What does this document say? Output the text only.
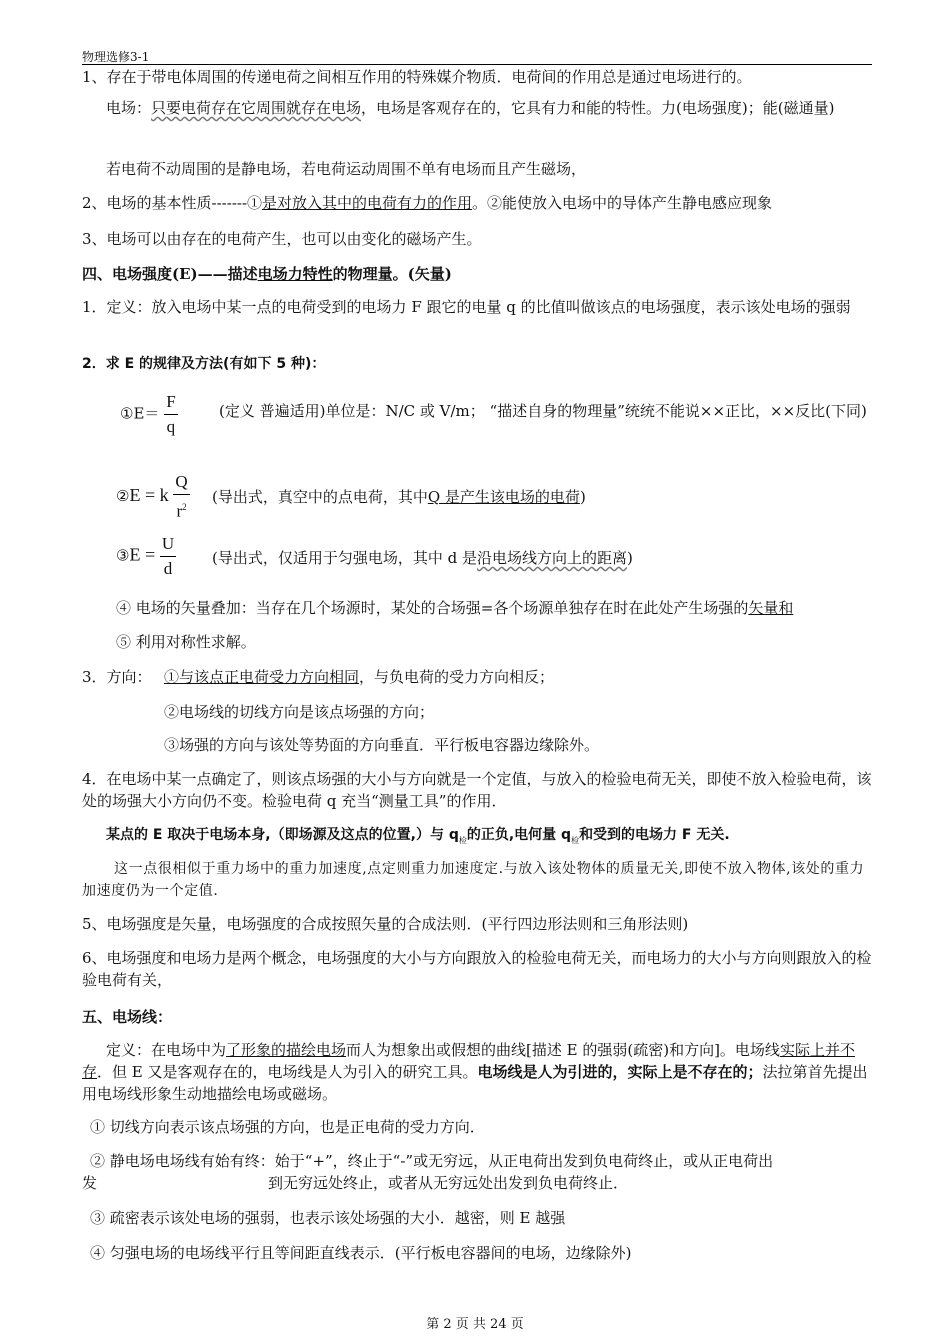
物理选修3-1
1、存在于带电体周围的传递电荷之间相互作用的特殊媒介物质．电荷间的作用总是通过电场进行的。
电场：只要电荷存在它周围就存在电场，电场是客观存在的，它具有力和能的特性。力(电场强度)；能(磁通量)
若电荷不动周围的是静电场，若电荷运动周围不单有电场而且产生磁场，
2、电场的基本性质-------①是对放入其中的电荷有力的作用。②能使放入电场中的导体产生静电感应现象
3、电场可以由存在的电荷产生，也可以由变化的磁场产生。
四、电场强度(E)——描述电场力特性的物理量。(矢量)
1．定义：放入电场中某一点的电荷受到的电场力 F 跟它的电量 q 的比值叫做该点的电场强度，表示该处电场的强弱
2．求 E 的规律及方法(有如下 5 种)：
①E＝ $\frac{F}{q}$	(定义 普遍适用)单位是：N/C 或 V/m； “描述自身的物理量”统统不能说××正比，××反比(下同)
②E = k $\frac{Q}{r^2}$ (导出式，真空中的点电荷，其中Q 是产生该电场的电荷)
③E = $\frac{U}{d}$ (导出式，仅适用于匀强电场，其中 d 是沿电场线方向上的距离)
④ 电场的矢量叠加：当存在几个场源时，某处的合场强=各个场源单独存在时在此处产生场强的矢量和
⑤ 利用对称性求解。
3．方向： ①与该点正电荷受力方向相同，与负电荷的受力方向相反；
②电场线的切线方向是该点场强的方向；
③场强的方向与该处等势面的方向垂直．平行板电容器边缘除外。
4．在电场中某一点确定了，则该点场强的大小与方向就是一个定值，与放入的检验电荷无关，即使不放入检验电荷，该处的场强大小方向仍不变。检验电荷 q 充当“测量工具”的作用．
某点的 E 取决于电场本身,（即场源及这点的位置,）与 $q_检$的正负,电何量 $q_检$和受到的电场力 F 无关.
这一点很相似于重力场中的重力加速度,点定则重力加速度定.与放入该处物体的质量无关,即使不放入物体,该处的重力加速度仍为一个定值.
5、电场强度是矢量，电场强度的合成按照矢量的合成法则．(平行四边形法则和三角形法则)
6、电场强度和电场力是两个概念，电场强度的大小与方向跟放入的检验电荷无关，而电场力的大小与方向则跟放入的检验电荷有关，
五、电场线：
定义：在电场中为了形象的描绘电场而人为想象出或假想的曲线[描述 E 的强弱(疏密)和方向]。电场线实际上并不存．但 E 又是客观存在的，电场线是人为引入的研究工具。电场线是人为引进的，实际上是不存在的；法拉第首先提出用电场线形象生动地描绘电场或磁场。
① 切线方向表示该点场强的方向，也是正电荷的受力方向．
② 静电场电场线有始有终：始于“+”，终止于“-”或无穷远，从正电荷出发到负电荷终止，或从正电荷出
发	到无穷远处终止，或者从无穷远处出发到负电荷终止．
③ 疏密表示该处电场的强弱，也表示该处场强的大小．越密，则 E 越强
④ 匀强电场的电场线平行且等间距直线表示．(平行板电容器间的电场，边缘除外)
第 2 页 共 24 页
